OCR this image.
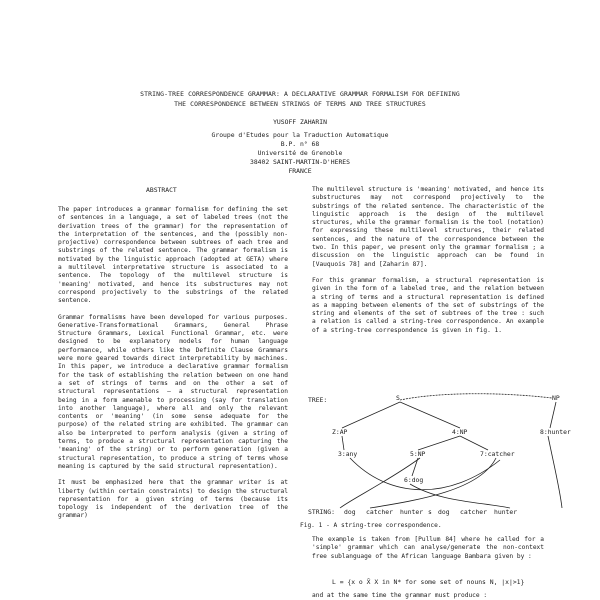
STRING-TREE CORRESPONDENCE GRAMMAR: A DECLARATIVE GRAMMAR FORMALISM FOR DEFINING
THE CORRESPONDENCE BETWEEN STRINGS OF TERMS AND TREE STRUCTURES
YUSOFF ZAHARIN
Groupe d'Etudes pour la Traduction Automatique
B.P. n° 68
Université de Grenoble
38402 SAINT-MARTIN-D'HERES
FRANCE
ABSTRACT

The paper introduces a grammar formalism for defining the set of sentences in a language, a set of labeled trees (not the derivation trees of the grammar) for the representation of the interpretation of the sentences, and the (possibly non-projective) correspondence between subtrees of each tree and substrings of the related sentence. The grammar formalism is motivated by the linguistic approach (adopted at GETA) where a multilevel interpretative structure is associated to a sentence. The topology of the multilevel structure is 'meaning' motivated, and hence its substructures may not correspond projectively to the substrings of the related sentence.

Grammar formalisms have been developed for various purposes. Generative-Transformational Grammars, General Phrase Structure Grammars, Lexical Functional Grammar, etc. were designed to be explanatory models for human language performance, while others like the Definite Clause Grammars were more geared towards direct interpretability by machines. In this paper, we introduce a declarative grammar formalism for the task of establishing the relation between on one hand a set of strings of terms and on the other a set of structural representations – a structural representation being in a form amenable to processing (say for translation into another language), where all and only the relevant contents or 'meaning' (in some sense adequate for the purpose) of the related string are exhibited. The grammar can also be interpreted to perform analysis (given a string of terms, to produce a structural representation capturing the 'meaning' of the string) or to perform generation (given a structural representation, to produce a string of terms whose meaning is captured by the said structural representation).

It must be emphasized here that the grammar writer is at liberty (within certain constraints) to design the structural representation for a given string of terms (because its topology is independent of the derivation tree of the grammar)

The multilevel structure is 'meaning' motivated, and hence its substructures may not correspond projectively to the substrings of the related sentence. The characteristic of the linguistic approach is the design of the multilevel structures, while the grammar formalism is the tool (notation) for expressing these multilevel structures, their related sentences, and the nature of the correspondence between the two. In this paper, we present only the grammar formalism ; a discussion on the linguistic approach can be found in [Vauquois 78] and [Zaharin 87].

For this grammar formalism, a structural representation is given in the form of a labeled tree, and the relation between a string of terms and a structural representation is defined as a mapping between elements of the set of substrings of the string and elements of the set of subtrees of the tree : such a relation is called a string-tree correspondence. An example of a string-tree correspondence is given in fig. 1.

TREE:	S	NP
Z:AP	4:NP	8:hunter
3:any	5:NP	7:catcher
6:dog
STRING: dog catcher hunter s dog catcher hunter
Fig. 1 - A string-tree correspondence.

The example is taken from [Pullum 84] where he called for a 'simple' grammar which can analyse/generate the non-context free sublanguage of the African language Bambara given by :

L = {x o X̄ X in N* for some set of nouns N, |x|>1}
and at the same time the grammar must produce :
